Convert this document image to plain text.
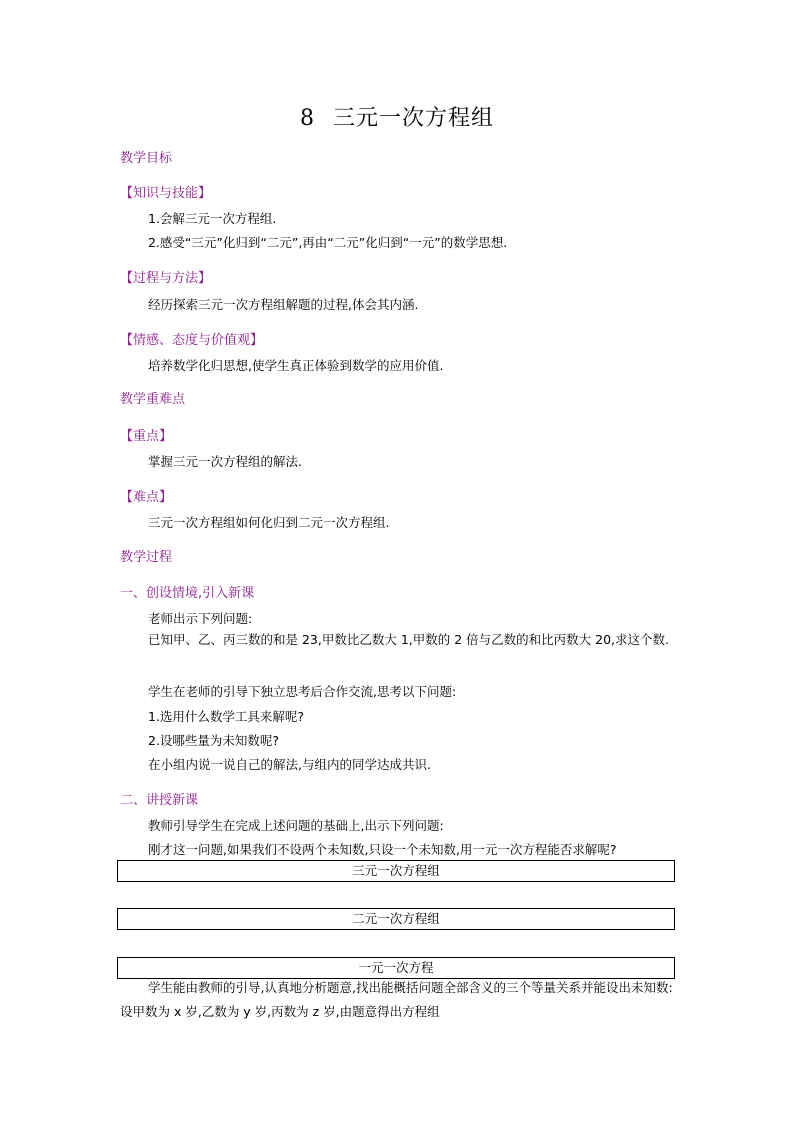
8 三元一次方程组
教学目标
【知识与技能】
1.会解三元一次方程组.
2.感受“三元”化归到“二元”,再由“二元”化归到“一元”的数学思想.
【过程与方法】
经历探索三元一次方程组解题的过程,体会其内涵.
【情感、态度与价值观】
培养数学化归思想,使学生真正体验到数学的应用价值.
教学重难点
【重点】
掌握三元一次方程组的解法.
【难点】
三元一次方程组如何化归到二元一次方程组.
教学过程
一、创设情境,引入新课
老师出示下列问题:
已知甲、乙、丙三数的和是 23,甲数比乙数大 1,甲数的 2 倍与乙数的和比丙数大 20,求这个数.
学生在老师的引导下独立思考后合作交流,思考以下问题:
1.选用什么数学工具来解呢?
2.设哪些量为未知数呢?
在小组内说一说自己的解法,与组内的同学达成共识.
二、讲授新课
教师引导学生在完成上述问题的基础上,出示下列问题:
刚才这一问题,如果我们不设两个未知数,只设一个未知数,用一元一次方程能否求解呢?
三元一次方程组
二元一次方程组
一元一次方程
学生能由教师的引导,认真地分析题意,找出能概括问题全部含义的三个等量关系并能设出未知数:设甲数为 x 岁,乙数为 y 岁,丙数为 z 岁,由题意得出方程组
